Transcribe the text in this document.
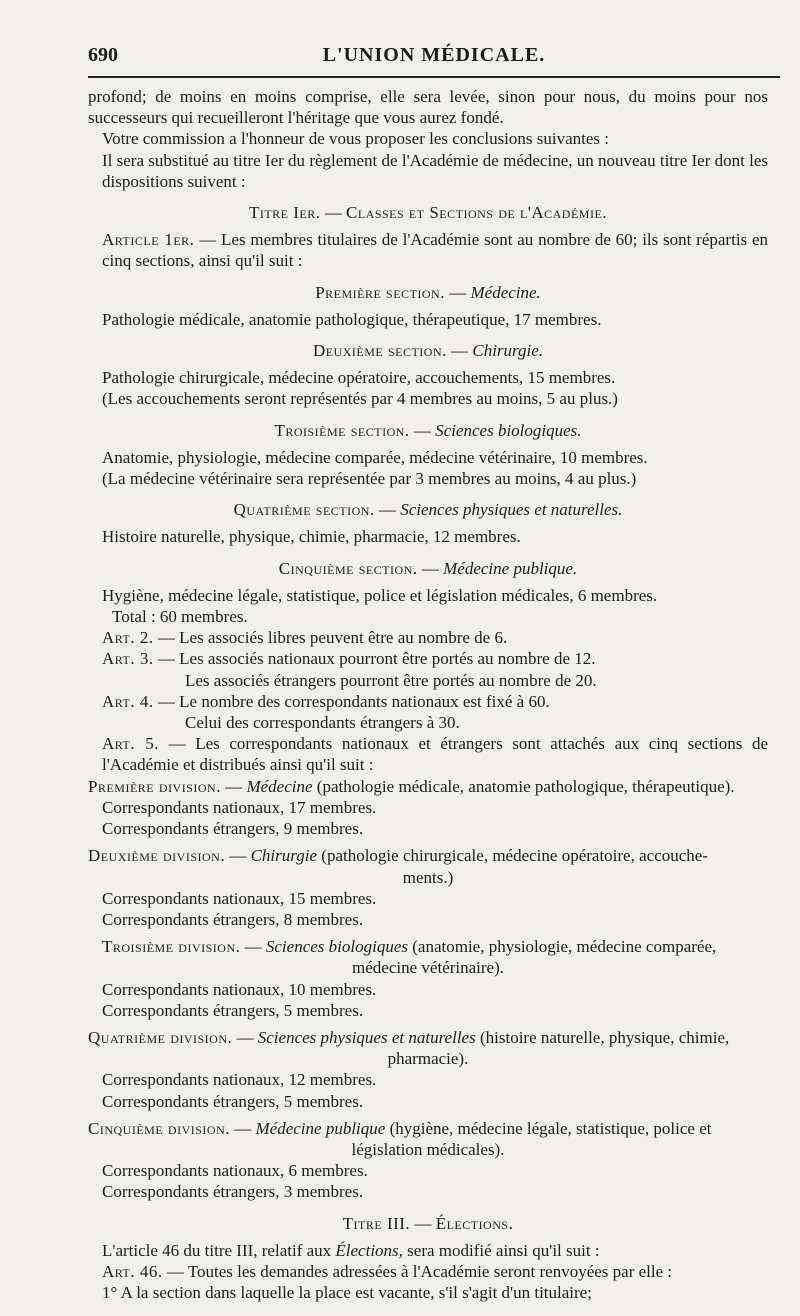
690	L'UNION MÉDICALE.

profond; de moins en moins comprise, elle sera levée, sinon pour nous, du moins pour nos successeurs qui recueilleront l'héritage que vous aurez fondé.

Votre commission a l'honneur de vous proposer les conclusions suivantes :

Il sera substitué au titre Ier du règlement de l'Académie de médecine, un nouveau titre Ier dont les dispositions suivent :

Titre Ier. — Classes et Sections de l'Académie.

Article 1er. — Les membres titulaires de l'Académie sont au nombre de 60; ils sont répartis en cinq sections, ainsi qu'il suit :

Première section. — Médecine.

Pathologie médicale, anatomie pathologique, thérapeutique, 17 membres.

Deuxième section. — Chirurgie.

Pathologie chirurgicale, médecine opératoire, accouchements, 15 membres.

(Les accouchements seront représentés par 4 membres au moins, 5 au plus.)

Troisième section. — Sciences biologiques.

Anatomie, physiologie, médecine comparée, médecine vétérinaire, 10 membres.

(La médecine vétérinaire sera représentée par 3 membres au moins, 4 au plus.)

Quatrième section. — Sciences physiques et naturelles.

Histoire naturelle, physique, chimie, pharmacie, 12 membres.

Cinquième section. — Médecine publique.

Hygiène, médecine légale, statistique, police et législation médicales, 6 membres.

Total : 60 membres.

Art. 2. — Les associés libres peuvent être au nombre de 6.

Art. 3. — Les associés nationaux pourront être portés au nombre de 12.

Les associés étrangers pourront être portés au nombre de 20.

Art. 4. — Le nombre des correspondants nationaux est fixé à 60.

Celui des correspondants étrangers à 30.

Art. 5. — Les correspondants nationaux et étrangers sont attachés aux cinq sections de l'Académie et distribués ainsi qu'il suit :

Première division. — Médecine (pathologie médicale, anatomie pathologique, thérapeutique).

Correspondants nationaux, 17 membres.

Correspondants étrangers, 9 membres.

Deuxième division. — Chirurgie (pathologie chirurgicale, médecine opératoire, accouche-

ments.)

Correspondants nationaux, 15 membres.

Correspondants étrangers, 8 membres.

Troisième division. — Sciences biologiques (anatomie, physiologie, médecine comparée,

médecine vétérinaire).

Correspondants nationaux, 10 membres.

Correspondants étrangers, 5 membres.

Quatrième division. — Sciences physiques et naturelles (histoire naturelle, physique, chimie,

pharmacie).

Correspondants nationaux, 12 membres.

Correspondants étrangers, 5 membres.

Cinquième division. — Médecine publique (hygiène, médecine légale, statistique, police et

législation médicales).

Correspondants nationaux, 6 membres.

Correspondants étrangers, 3 membres.

Titre III. — Élections.

L'article 46 du titre III, relatif aux Élections, sera modifié ainsi qu'il suit :

Art. 46. — Toutes les demandes adressées à l'Académie seront renvoyées par elle :

1° A la section dans laquelle la place est vacante, s'il s'agit d'un titulaire;
